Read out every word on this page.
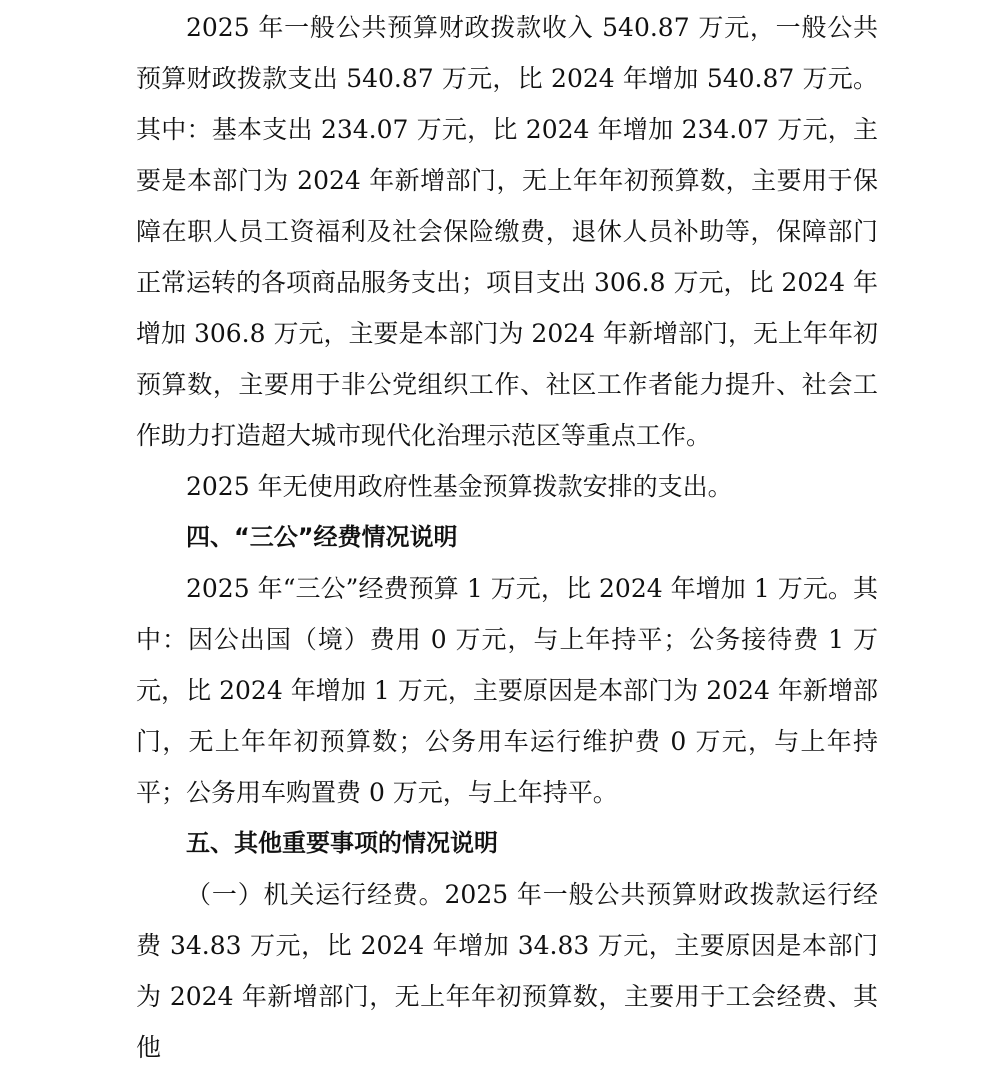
2025 年一般公共预算财政拨款收入 540.87 万元，一般公共预算财政拨款支出 540.87 万元，比 2024 年增加 540.87 万元。其中：基本支出 234.07 万元，比 2024 年增加 234.07 万元，主要是本部门为 2024 年新增部门，无上年年初预算数，主要用于保障在职人员工资福利及社会保险缴费，退休人员补助等，保障部门正常运转的各项商品服务支出；项目支出 306.8 万元，比 2024 年增加 306.8 万元，主要是本部门为 2024 年新增部门，无上年年初预算数，主要用于非公党组织工作、社区工作者能力提升、社会工作助力打造超大城市现代化治理示范区等重点工作。

2025 年无使用政府性基金预算拨款安排的支出。

四、“三公”经费情况说明

2025 年“三公”经费预算 1 万元，比 2024 年增加 1 万元。其中：因公出国（境）费用 0 万元，与上年持平；公务接待费 1 万元，比 2024 年增加 1 万元，主要原因是本部门为 2024 年新增部门，无上年年初预算数；公务用车运行维护费 0 万元，与上年持平；公务用车购置费 0 万元，与上年持平。

五、其他重要事项的情况说明

（一）机关运行经费。2025 年一般公共预算财政拨款运行经费 34.83 万元，比 2024 年增加 34.83 万元，主要原因是本部门为 2024 年新增部门，无上年年初预算数，主要用于工会经费、其他
